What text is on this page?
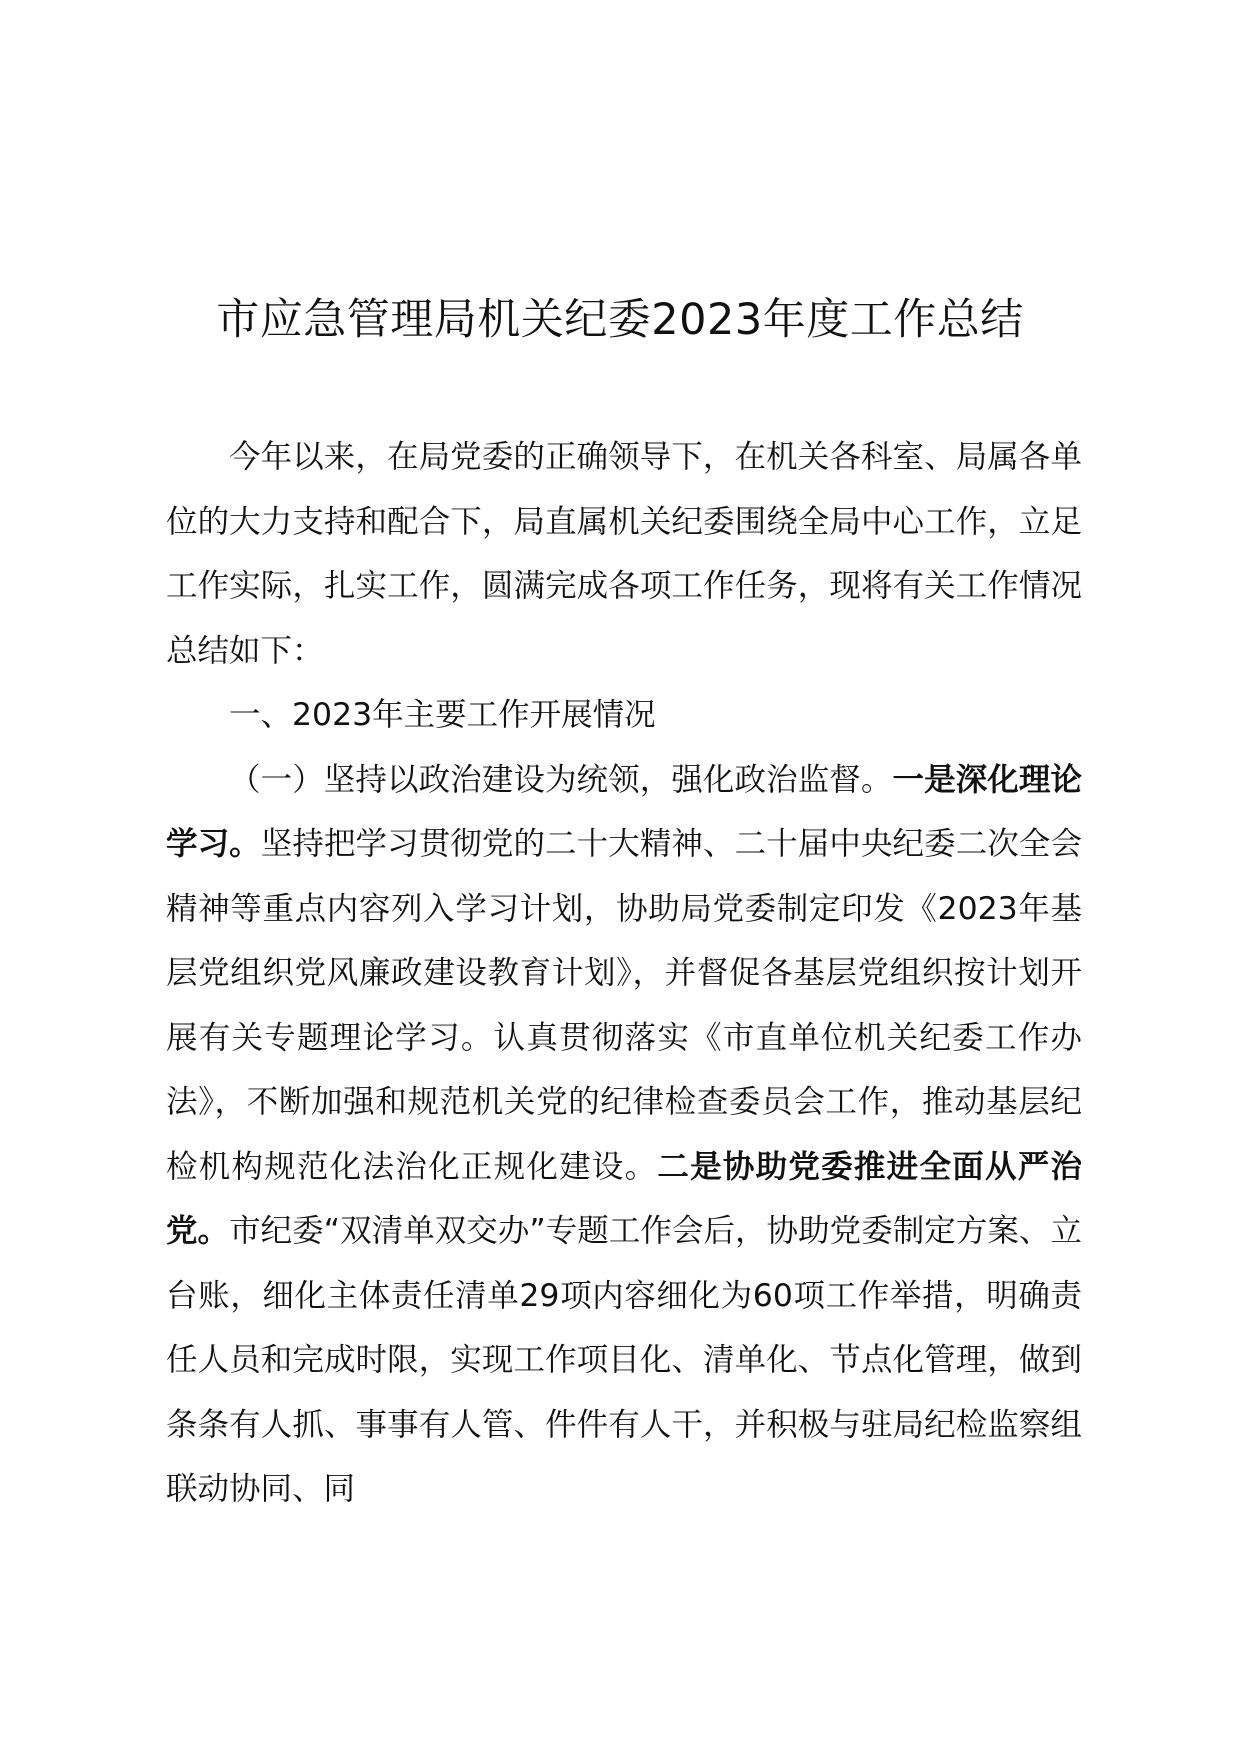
市应急管理局机关纪委2023年度工作总结

今年以来，在局党委的正确领导下，在机关各科室、局属各单位的大力支持和配合下，局直属机关纪委围绕全局中心工作，立足工作实际，扎实工作，圆满完成各项工作任务，现将有关工作情况总结如下：

一、2023年主要工作开展情况

（一）坚持以政治建设为统领，强化政治监督。一是深化理论学习。坚持把学习贯彻党的二十大精神、二十届中央纪委二次全会精神等重点内容列入学习计划，协助局党委制定印发《2023年基层党组织党风廉政建设教育计划》，并督促各基层党组织按计划开展有关专题理论学习。认真贯彻落实《市直单位机关纪委工作办法》，不断加强和规范机关党的纪律检查委员会工作，推动基层纪检机构规范化法治化正规化建设。二是协助党委推进全面从严治党。市纪委“双清单双交办”专题工作会后，协助党委制定方案、立台账，细化主体责任清单29项内容细化为60项工作举措，明确责任人员和完成时限，实现工作项目化、清单化、节点化管理，做到条条有人抓、事事有人管、件件有人干，并积极与驻局纪检监察组联动协同、同
